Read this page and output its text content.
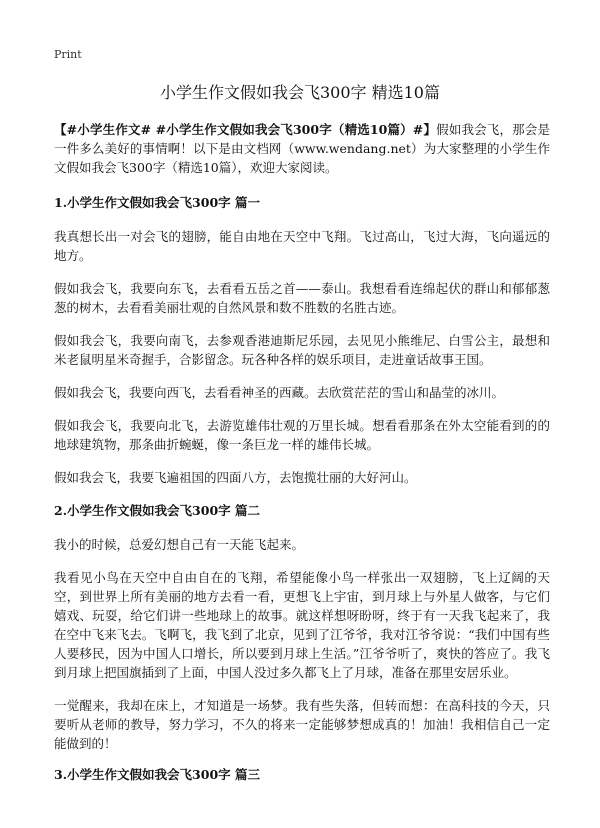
Print
小学生作文假如我会飞300字 精选10篇

【#小学生作文# #小学生作文假如我会飞300字（精选10篇）#】假如我会飞，那会是一件多么美好的事情啊！以下是由文档网（www.wendang.net）为大家整理的小学生作文假如我会飞300字（精选10篇），欢迎大家阅读。

1.小学生作文假如我会飞300字 篇一

我真想长出一对会飞的翅膀，能自由地在天空中飞翔。飞过高山，飞过大海，飞向遥远的地方。

假如我会飞，我要向东飞，去看看五岳之首——泰山。我想看看连绵起伏的群山和郁郁葱葱的树木，去看看美丽壮观的自然风景和数不胜数的名胜古迹。

假如我会飞，我要向南飞，去参观香港迪斯尼乐园，去见见小熊维尼、白雪公主，最想和米老鼠明星米奇握手，合影留念。玩各种各样的娱乐项目，走进童话故事王国。

假如我会飞，我要向西飞，去看看神圣的西藏。去欣赏茫茫的雪山和晶莹的冰川。

假如我会飞，我要向北飞，去游览雄伟壮观的万里长城。想看看那条在外太空能看到的的地球建筑物，那条曲折蜿蜒，像一条巨龙一样的雄伟长城。

假如我会飞，我要飞遍祖国的四面八方，去饱揽壮丽的大好河山。

2.小学生作文假如我会飞300字 篇二

我小的时候，总爱幻想自己有一天能飞起来。

我看见小鸟在天空中自由自在的飞翔，希望能像小鸟一样张出一双翅膀，飞上辽阔的天空，到世界上所有美丽的地方去看一看，更想飞上宇宙，到月球上与外星人做客，与它们嬉戏、玩耍，给它们讲一些地球上的故事。就这样想呀盼呀，终于有一天我飞起来了，我在空中飞来飞去。飞啊飞，我飞到了北京，见到了江爷爷，我对江爷爷说：“我们中国有些人要移民，因为中国人口增长，所以要到月球上生活。”江爷爷听了，爽快的答应了。我飞到月球上把国旗插到了上面，中国人没过多久都飞上了月球，准备在那里安居乐业。

一觉醒来，我却在床上，才知道是一场梦。我有些失落，但转而想：在高科技的今天，只要听从老师的教导，努力学习，不久的将来一定能够梦想成真的！加油！我相信自己一定能做到的！

3.小学生作文假如我会飞300字 篇三
